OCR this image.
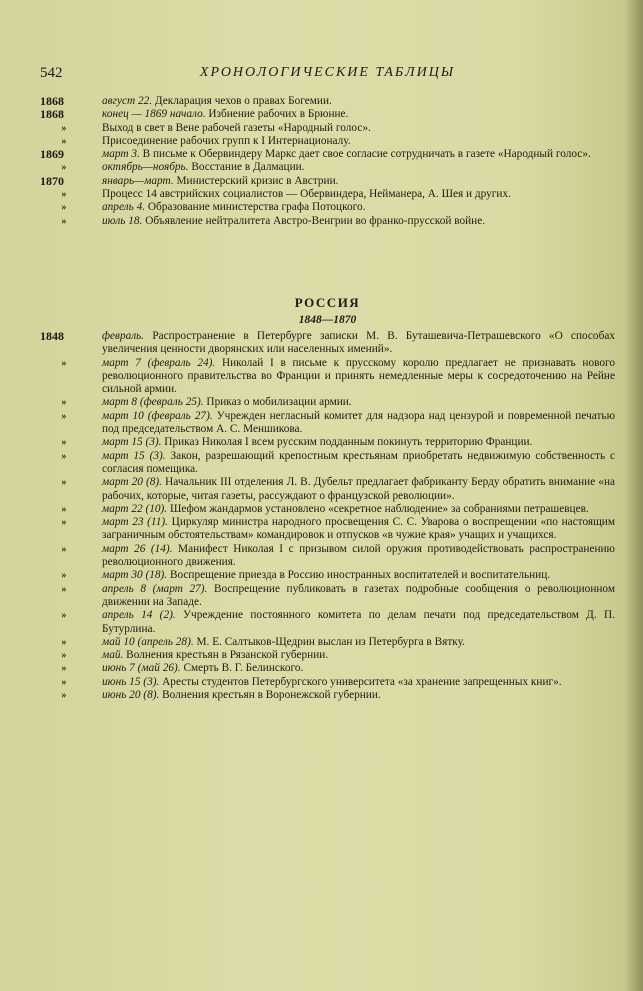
542	ХРОНОЛОГИЧЕСКИЕ ТАБЛИЦЫ
1868	август 22. Декларация чехов о правах Богемии.
1868	конец — 1869 начало. Избиение рабочих в Брюнне.
»	Выход в свет в Вене рабочей газеты «Народный голос».
»	Присоединение рабочих групп к I Интернационалу.
1869	март 3. В письме к Обервиндеру Маркс дает свое согласие сотрудничать в газете «Народный голос».
»	октябрь—ноябрь. Восстание в Далмации.
1870	январь—март. Министерский кризис в Австрии.
»	Процесс 14 австрийских социалистов — Обервиндера, Нейманера, А. Шея и других.
»	апрель 4. Образование министерства графа Потоцкого.
»	июль 18. Объявление нейтралитета Австро-Венгрии во франко-прусской войне.
РОССИЯ
1848—1870
1848	февраль. Распространение в Петербурге записки М. В. Буташевича-Петрашевского «О способах увеличения ценности дворянских или населенных имений».
»	март 7 (февраль 24). Николай I в письме к прусскому королю предлагает не признавать нового революционного правительства во Франции и принять немедленные меры к сосредоточению на Рейне сильной армии.
»	март 8 (февраль 25). Приказ о мобилизации армии.
»	март 10 (февраль 27). Учрежден негласный комитет для надзора над цензурой и повременной печатью под председательством А. С. Меншикова.
»	март 15 (3). Приказ Николая I всем русским подданным покинуть территорию Франции.
»	март 15 (3). Закон, разрешающий крепостным крестьянам приобретать недвижимую собственность с согласия помещика.
»	март 20 (8). Начальник III отделения Л. В. Дубельт предлагает фабриканту Берду обратить внимание «на рабочих, которые, читая газеты, рассуждают о французской революции».
»	март 22 (10). Шефом жандармов установлено «секретное наблюдение» за собраниями петрашевцев.
»	март 23 (11). Циркуляр министра народного просвещения С. С. Уварова о воспрещении «по настоящим заграничным обстоятельствам» командировок и отпусков «в чужие края» учащих и учащихся.
»	март 26 (14). Манифест Николая I с призывом силой оружия противодействовать распространению революционного движения.
»	март 30 (18). Воспрещение приезда в Россию иностранных воспитателей и воспитательниц.
»	апрель 8 (март 27). Воспрещение публиковать в газетах подробные сообщения о революционном движении на Западе.
»	апрель 14 (2). Учреждение постоянного комитета по делам печати под председательством Д. П. Бутурлина.
»	май 10 (апрель 28). М. Е. Салтыков-Щедрин выслан из Петербурга в Вятку.
»	май. Волнения крестьян в Рязанской губернии.
»	июнь 7 (май 26). Смерть В. Г. Белинского.
»	июнь 15 (3). Аресты студентов Петербургского университета «за хранение запрещенных книг».
»	июнь 20 (8). Волнения крестьян в Воронежской губернии.
